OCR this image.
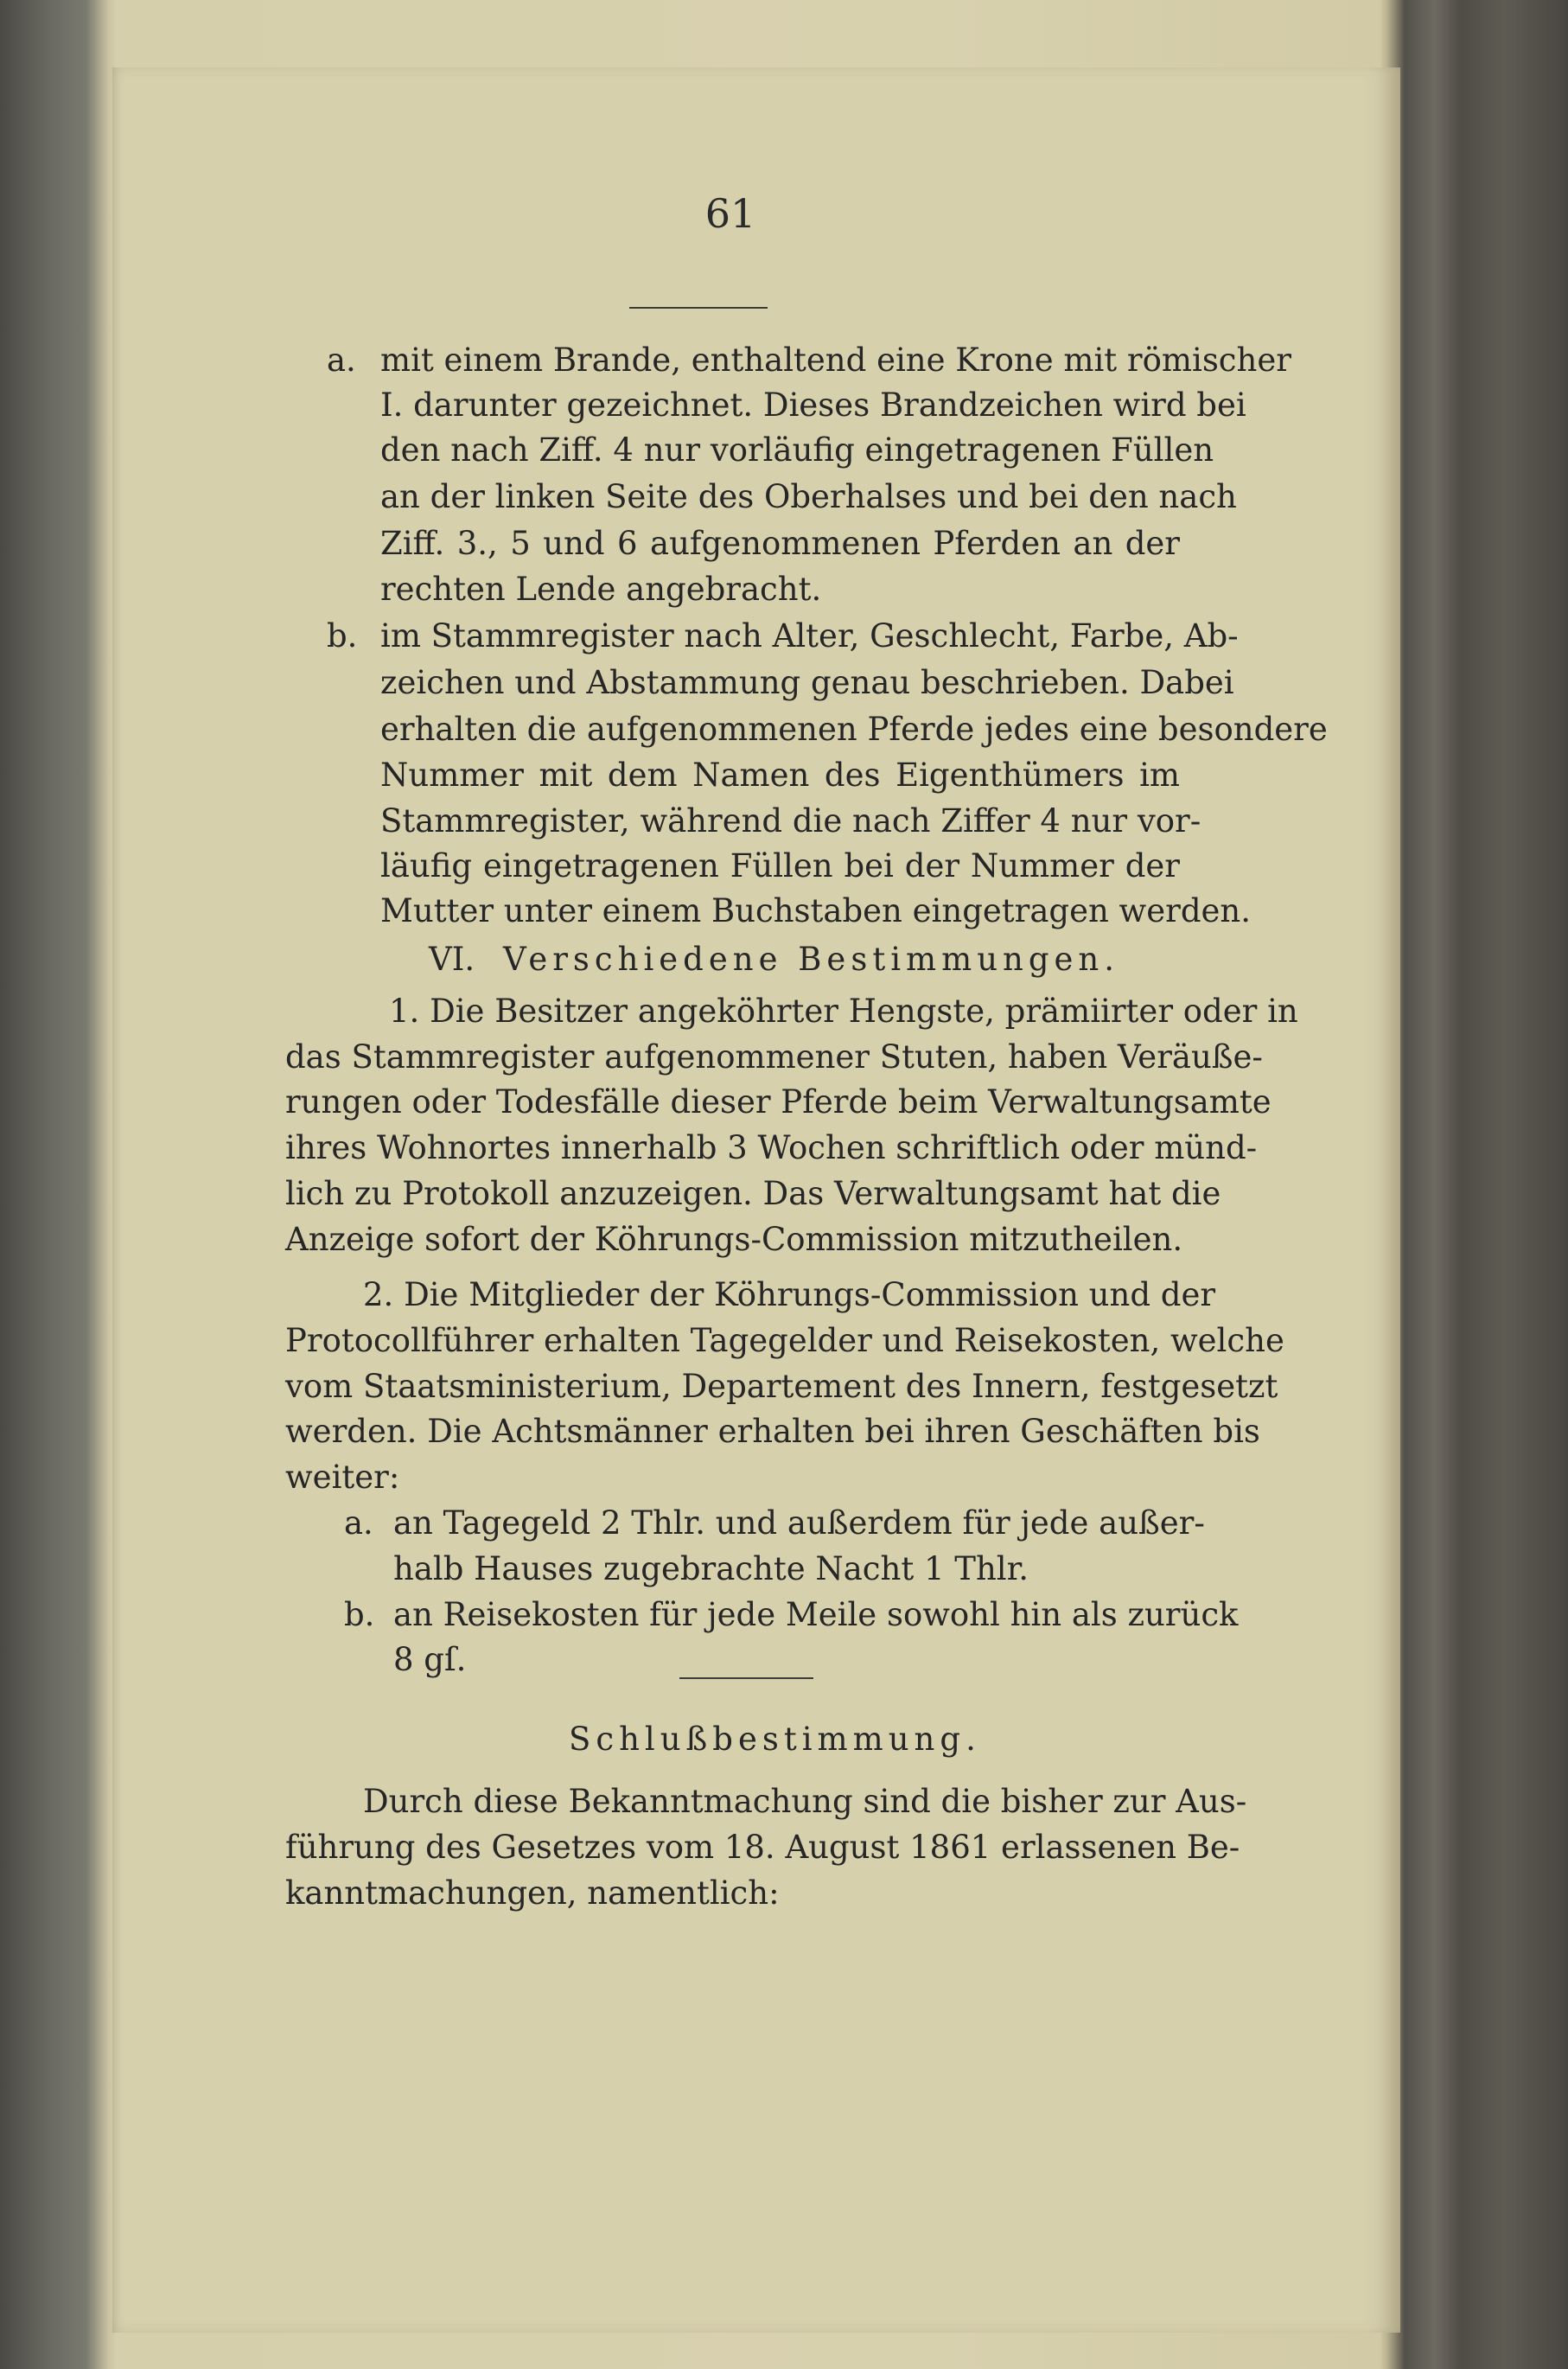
61
a. mit einem Brande, enthaltend eine Krone mit römischer
I. darunter gezeichnet. Dieses Brandzeichen wird bei
den nach Ziff. 4 nur vorläufig eingetragenen Füllen
an der linken Seite des Oberhalses und bei den nach
Ziff. 3., 5 und 6 aufgenommenen Pferden an der
rechten Lende angebracht.
b. im Stammregister nach Alter, Geschlecht, Farbe, Ab-
zeichen und Abstammung genau beschrieben. Dabei
erhalten die aufgenommenen Pferde jedes eine besondere
Nummer mit dem Namen des Eigenthümers im
Stammregister, während die nach Ziffer 4 nur vor-
läufig eingetragenen Füllen bei der Nummer der
Mutter unter einem Buchstaben eingetragen werden.
VI. Verschiedene Bestimmungen.
1. Die Besitzer angeköhrter Hengste, prämiirter oder in
das Stammregister aufgenommener Stuten, haben Veräuße-
rungen oder Todesfälle dieser Pferde beim Verwaltungsamte
ihres Wohnortes innerhalb 3 Wochen schriftlich oder münd-
lich zu Protokoll anzuzeigen. Das Verwaltungsamt hat die
Anzeige sofort der Köhrungs-Commission mitzutheilen.
2. Die Mitglieder der Köhrungs-Commission und der
Protocollführer erhalten Tagegelder und Reisekosten, welche
vom Staatsministerium, Departement des Innern, festgesetzt
werden. Die Achtsmänner erhalten bei ihren Geschäften bis
weiter:
a. an Tagegeld 2 Thlr. und außerdem für jede außer-
halb Hauses zugebrachte Nacht 1 Thlr.
b. an Reisekosten für jede Meile sowohl hin als zurück
8 gſ.
Schlußbestimmung.
Durch diese Bekanntmachung sind die bisher zur Aus-
führung des Gesetzes vom 18. August 1861 erlassenen Be-
kanntmachungen, namentlich:
